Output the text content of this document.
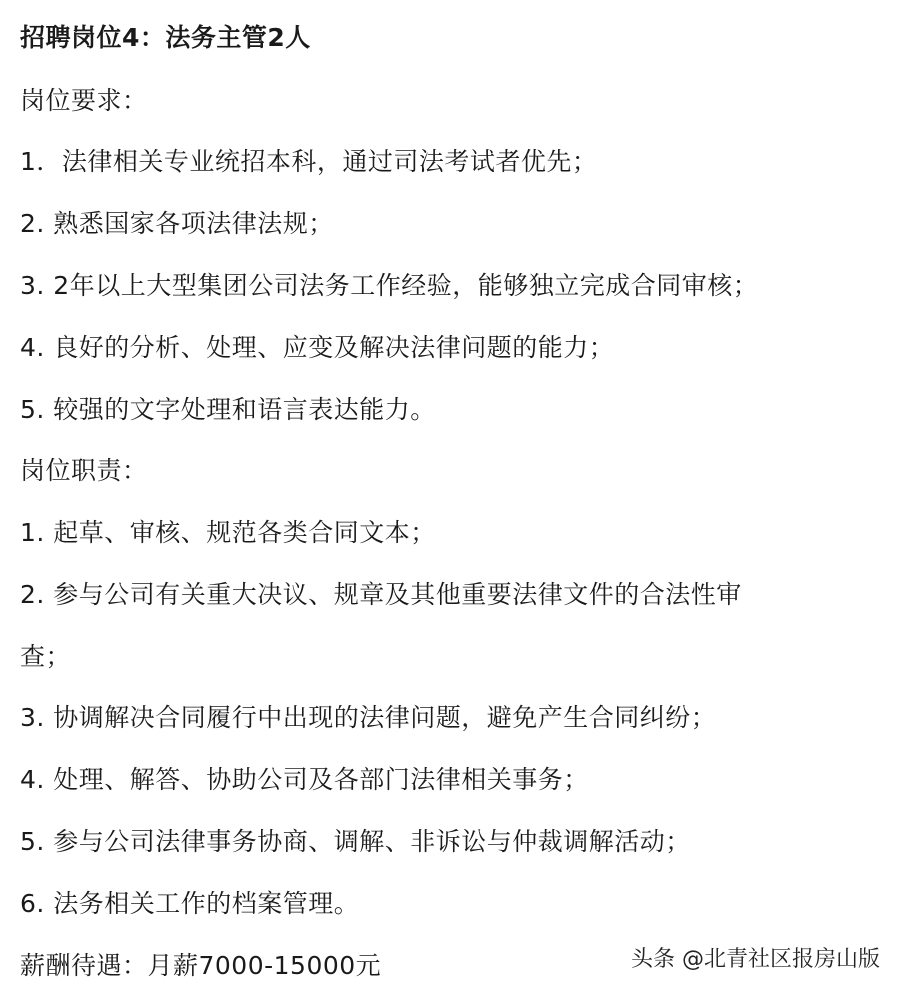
招聘岗位4：法务主管2人
岗位要求：
1．法律相关专业统招本科，通过司法考试者优先；
2. 熟悉国家各项法律法规；
3. 2年以上大型集团公司法务工作经验，能够独立完成合同审核；
4. 良好的分析、处理、应变及解决法律问题的能力；
5. 较强的文字处理和语言表达能力。
岗位职责：
1. 起草、审核、规范各类合同文本；
2. 参与公司有关重大决议、规章及其他重要法律文件的合法性审
查；
3. 协调解决合同履行中出现的法律问题，避免产生合同纠纷；
4. 处理、解答、协助公司及各部门法律相关事务；
5. 参与公司法律事务协商、调解、非诉讼与仲裁调解活动；
6. 法务相关工作的档案管理。
薪酬待遇：月薪7000-15000元	头条 @北青社区报房山版
